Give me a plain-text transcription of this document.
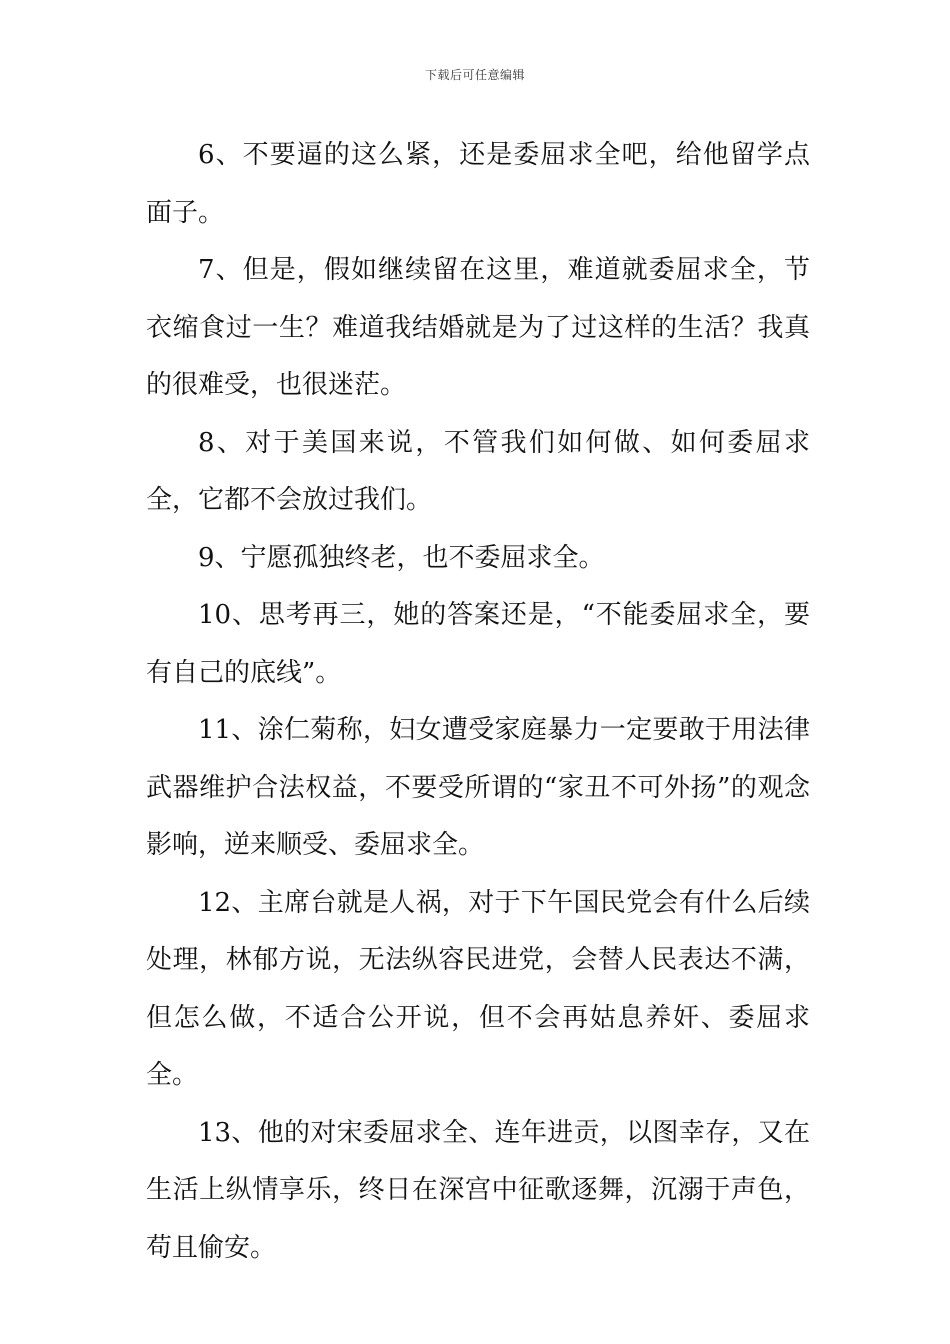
下载后可任意编辑

6、不要逼的这么紧，还是委屈求全吧，给他留学点面子。

7、但是，假如继续留在这里，难道就委屈求全，节衣缩食过一生？难道我结婚就是为了过这样的生活？我真的很难受，也很迷茫。

8、对于美国来说，不管我们如何做、如何委屈求全，它都不会放过我们。

9、宁愿孤独终老，也不委屈求全。

10、思考再三，她的答案还是，“不能委屈求全，要有自己的底线”。

11、涂仁菊称，妇女遭受家庭暴力一定要敢于用法律武器维护合法权益，不要受所谓的“家丑不可外扬”的观念影响，逆来顺受、委屈求全。

12、主席台就是人祸，对于下午国民党会有什么后续处理，林郁方说，无法纵容民进党，会替人民表达不满，但怎么做，不适合公开说，但不会再姑息养奸、委屈求全。

13、他的对宋委屈求全、连年进贡，以图幸存，又在生活上纵情享乐，终日在深宫中征歌逐舞，沉溺于声色，苟且偷安。
